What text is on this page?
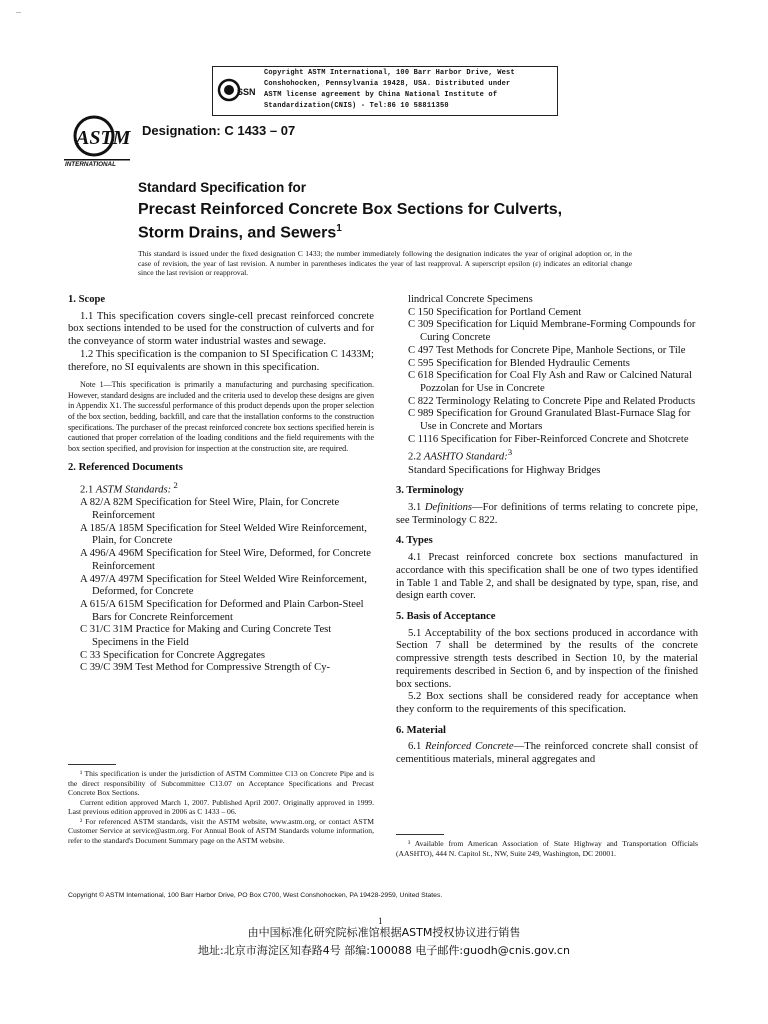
SSN
Copyright ASTM International, 100 Barr Harbor Drive, West
Conshohocken, Pennsylvania 19428, USA. Distributed under
ASTM license agreement by China National Institute of
Standardization(CNIS) - Tel:86 10 58811350
ASTM
INTERNATIONAL
Designation: C 1433 – 07
Standard Specification for
Precast Reinforced Concrete Box Sections for Culverts,
Storm Drains, and Sewers$^1$
This standard is issued under the fixed designation C 1433; the number immediately following the designation indicates the year of original adoption or, in the case of revision, the year of last revision. A number in parentheses indicates the year of last reapproval. A superscript epsilon (ε) indicates an editorial change since the last revision or reapproval.

1. Scope

1.1 This specification covers single-cell precast reinforced concrete box sections intended to be used for the construction of culverts and for the conveyance of storm water industrial wastes and sewage.

1.2 This specification is the companion to SI Specification C 1433M; therefore, no SI equivalents are shown in this specification.

Note 1—This specification is primarily a manufacturing and purchasing specification. However, standard designs are included and the criteria used to develop these designs are given in Appendix X1. The successful performance of this product depends upon the proper selection of the box section, bedding, backfill, and care that the installation conforms to the construction specifications. The purchaser of the precast reinforced concrete box sections specified herein is cautioned that proper correlation of the loading conditions and the field requirements with the box section specified, and provision for inspection at the construction site, are required.

2. Referenced Documents

2.1 ASTM Standards: $^2$

A 82/A 82M Specification for Steel Wire, Plain, for Concrete Reinforcement

A 185/A 185M Specification for Steel Welded Wire Reinforcement, Plain, for Concrete

A 496/A 496M Specification for Steel Wire, Deformed, for Concrete Reinforcement

A 497/A 497M Specification for Steel Welded Wire Reinforcement, Deformed, for Concrete

A 615/A 615M Specification for Deformed and Plain Carbon-Steel Bars for Concrete Reinforcement

C 31/C 31M Practice for Making and Curing Concrete Test Specimens in the Field

C 33 Specification for Concrete Aggregates

C 39/C 39M Test Method for Compressive Strength of Cy-

¹ This specification is under the jurisdiction of ASTM Committee C13 on Concrete Pipe and is the direct responsibility of Subcommittee C13.07 on Acceptance Specifications and Precast Concrete Box Sections.

Current edition approved March 1, 2007. Published April 2007. Originally approved in 1999. Last previous edition approved in 2006 as C 1433 – 06.

² For referenced ASTM standards, visit the ASTM website, www.astm.org, or contact ASTM Customer Service at service@astm.org. For Annual Book of ASTM Standards volume information, refer to the standard's Document Summary page on the ASTM website.

lindrical Concrete Specimens

C 150 Specification for Portland Cement

C 309 Specification for Liquid Membrane-Forming Compounds for Curing Concrete

C 497 Test Methods for Concrete Pipe, Manhole Sections, or Tile

C 595 Specification for Blended Hydraulic Cements

C 618 Specification for Coal Fly Ash and Raw or Calcined Natural Pozzolan for Use in Concrete

C 822 Terminology Relating to Concrete Pipe and Related Products

C 989 Specification for Ground Granulated Blast-Furnace Slag for Use in Concrete and Mortars

C 1116 Specification for Fiber-Reinforced Concrete and Shotcrete

2.2 AASHTO Standard:$^3$

Standard Specifications for Highway Bridges

3. Terminology

3.1 Definitions—For definitions of terms relating to concrete pipe, see Terminology C 822.

4. Types

4.1 Precast reinforced concrete box sections manufactured in accordance with this specification shall be one of two types identified in Table 1 and Table 2, and shall be designated by type, span, rise, and design earth cover.

5. Basis of Acceptance

5.1 Acceptability of the box sections produced in accordance with Section 7 shall be determined by the results of the concrete compressive strength tests described in Section 10, by the material requirements described in Section 6, and by inspection of the finished box sections.

5.2 Box sections shall be considered ready for acceptance when they conform to the requirements of this specification.

6. Material

6.1 Reinforced Concrete—The reinforced concrete shall consist of cementitious materials, mineral aggregates and

³ Available from American Association of State Highway and Transportation Officials (AASHTO), 444 N. Capitol St., NW, Suite 249, Washington, DC 20001.

Copyright © ASTM International, 100 Barr Harbor Drive, PO Box C700, West Conshohocken, PA 19428-2959, United States.
1
由中国标准化研究院标准馆根据ASTM授权协议进行销售
地址:北京市海淀区知春路4号 部编:100088 电子邮件:guodh@cnis.gov.cn
